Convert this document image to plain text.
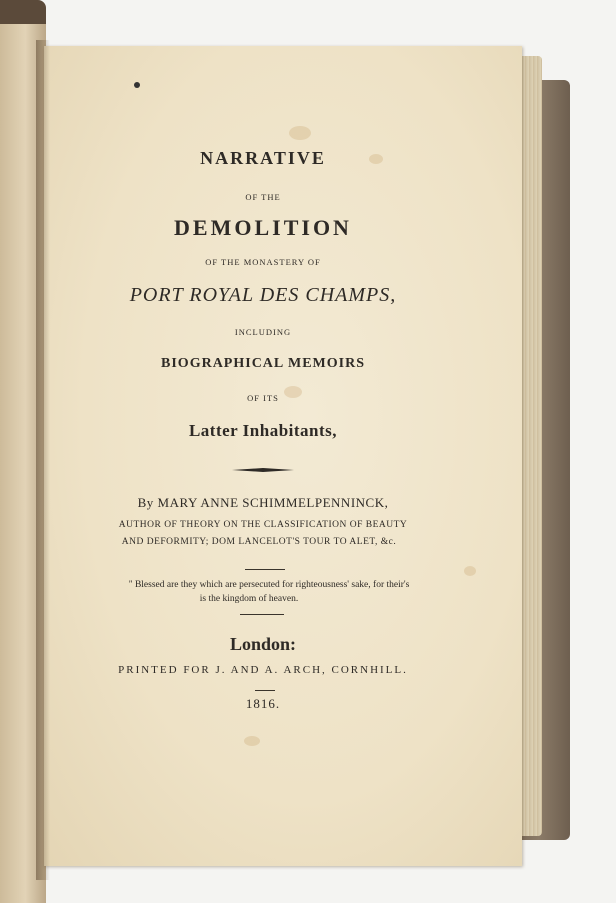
NARRATIVE
OF THE
DEMOLITION
OF THE MONASTERY OF
PORT ROYAL DES CHAMPS,
INCLUDING
BIOGRAPHICAL MEMOIRS
OF ITS
Latter Inhabitants,
By MARY ANNE SCHIMMELPENNINCK,
AUTHOR OF THEORY ON THE CLASSIFICATION OF BEAUTY
AND DEFORMITY; DOM LANCELOT'S TOUR TO ALET, &c.
" Blessed are they which are persecuted for righteousness' sake, for their's
is the kingdom of heaven.
London:
PRINTED FOR J. AND A. ARCH, CORNHILL.
1816.
